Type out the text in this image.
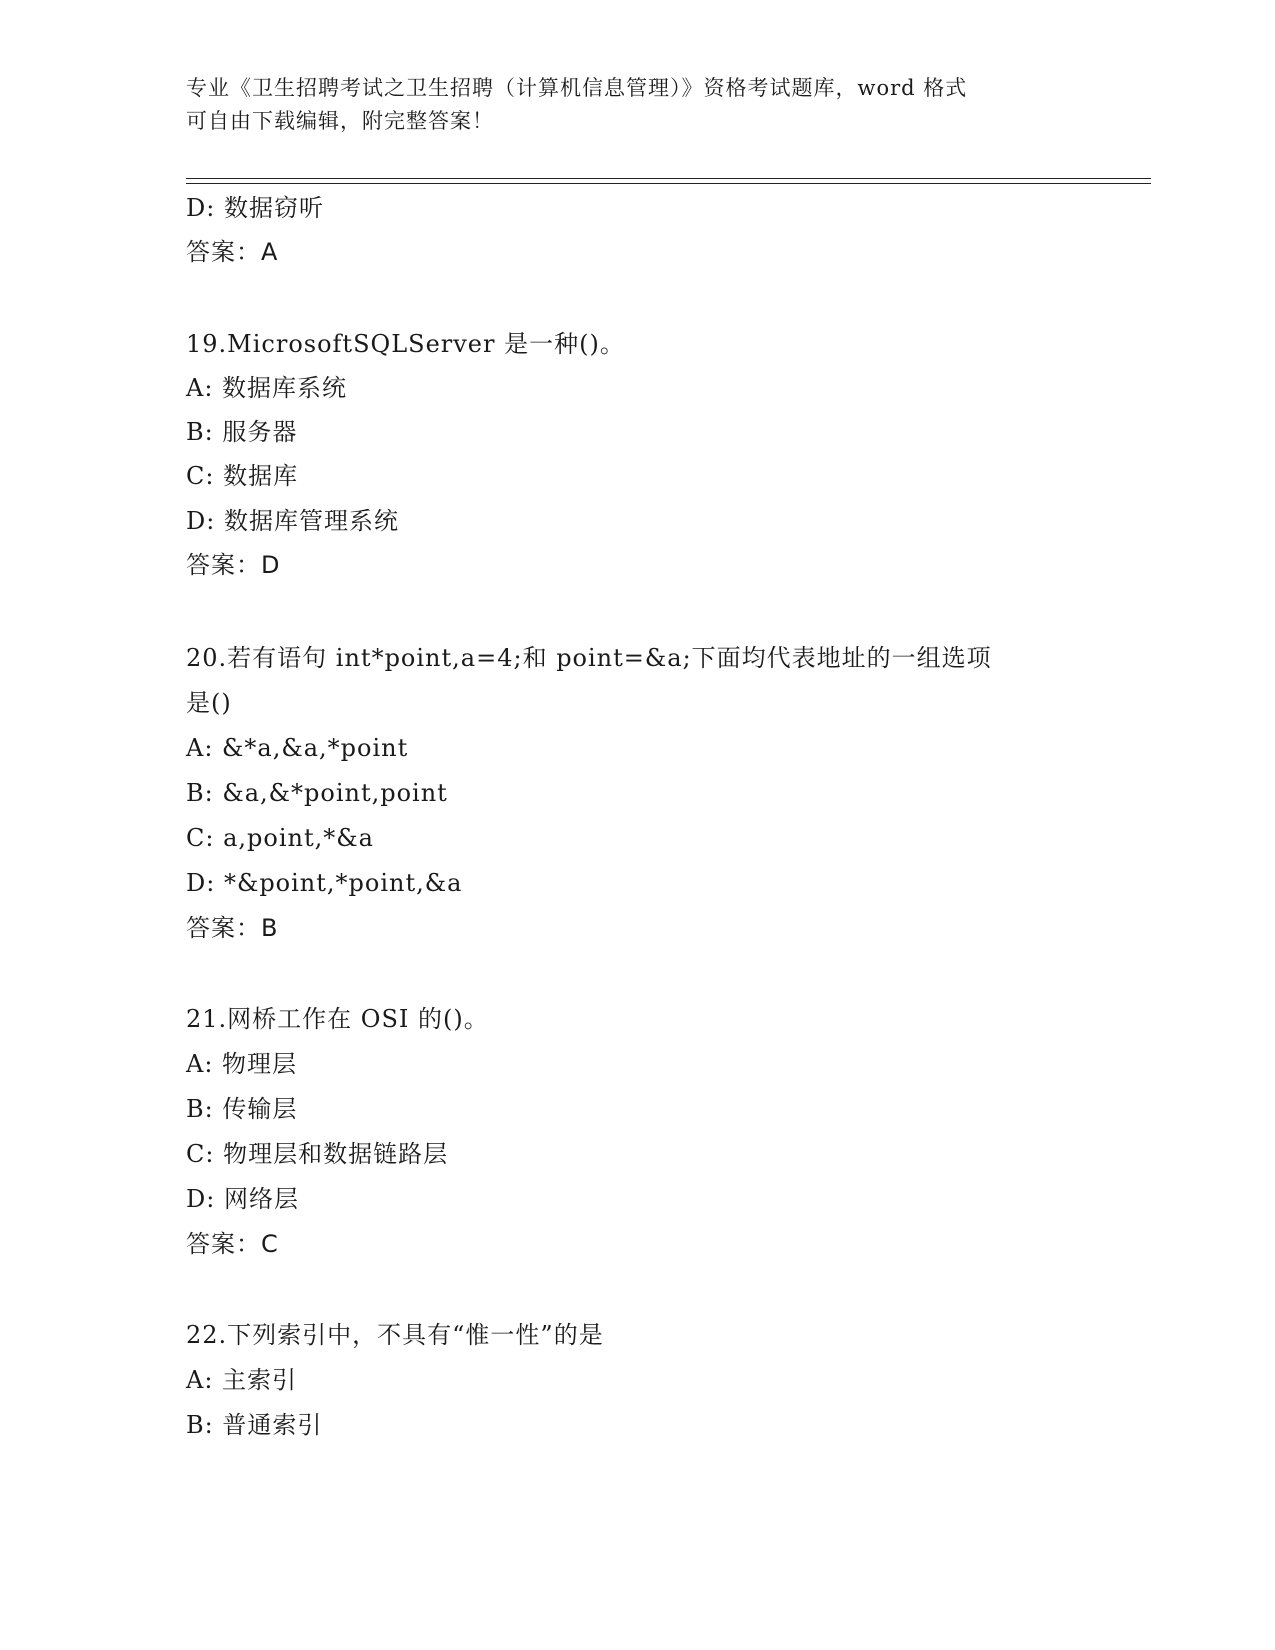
专业《卫生招聘考试之卫生招聘（计算机信息管理）》资格考试题库，word 格式
可自由下载编辑，附完整答案！
D: 数据窃听
答案：A
19.MicrosoftSQLServer 是一种()。
A: 数据库系统
B: 服务器
C: 数据库
D: 数据库管理系统
答案：D
20.若有语句 int*point,a=4;和 point=&a;下面均代表地址的一组选项
是()
A: &*a,&a,*point
B: &a,&*point,point
C: a,point,*&a
D: *&point,*point,&a
答案：B
21.网桥工作在 OSI 的()。
A: 物理层
B: 传输层
C: 物理层和数据链路层
D: 网络层
答案：C
22.下列索引中，不具有“惟一性”的是
A: 主索引
B: 普通索引
